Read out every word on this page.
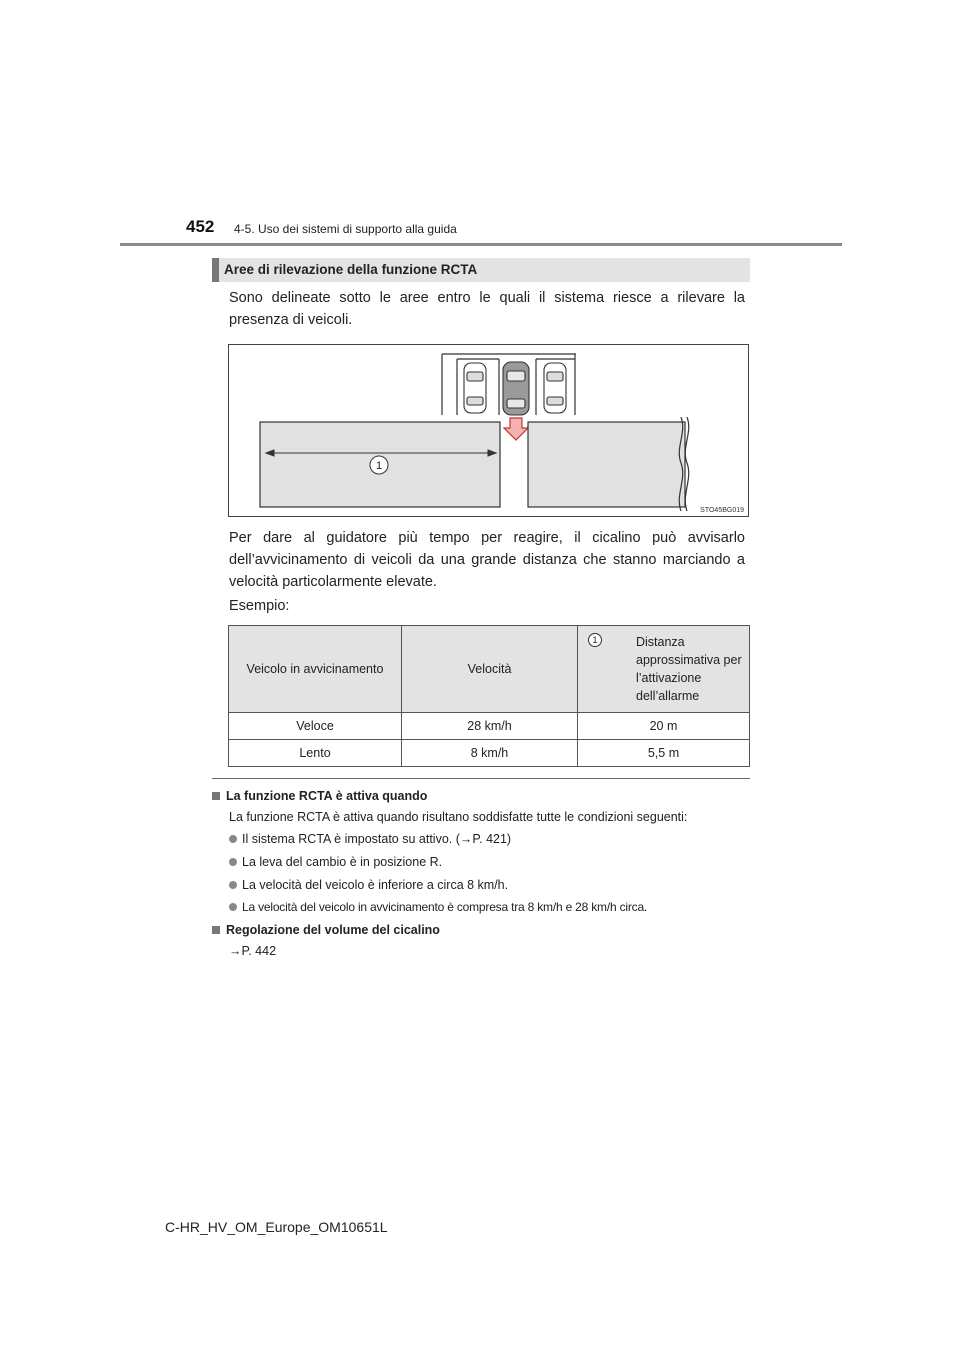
452 4-5. Uso dei sistemi di supporto alla guida
Aree di rilevazione della funzione RCTA
Sono delineate sotto le aree entro le quali il sistema riesce a rilevare la presenza di veicoli.
1
STO45BG019
Per dare al guidatore più tempo per reagire, il cicalino può avvisarlo dell’avvicinamento di veicoli da una grande distanza che stanno marciando a velocità particolarmente elevate.
Esempio:
Veicolo in avvicinamento	Velocità	1 Distanza approssimativa per l’attivazione dell’allarme

Veloce	28 km/h	20 m
Lento	8 km/h	5,5 m
La funzione RCTA è attiva quando
La funzione RCTA è attiva quando risultano soddisfatte tutte le condizioni seguenti:
Il sistema RCTA è impostato su attivo. (→P. 421)
La leva del cambio è in posizione R.
La velocità del veicolo è inferiore a circa 8 km/h.
La velocità del veicolo in avvicinamento è compresa tra 8 km/h e 28 km/h circa.
Regolazione del volume del cicalino
→P. 442
C-HR_HV_OM_Europe_OM10651L
